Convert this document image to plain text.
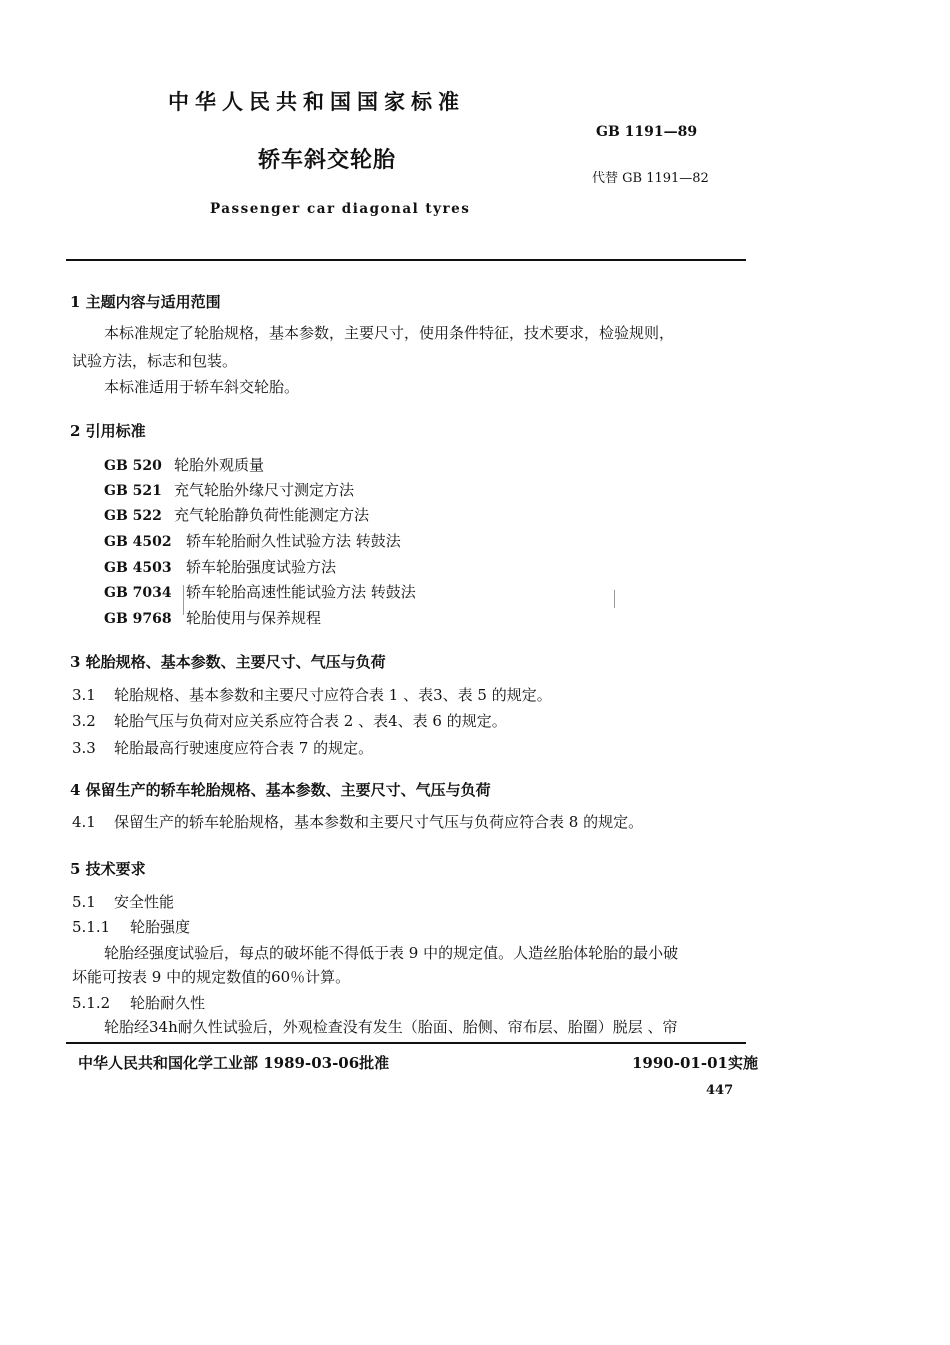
中华人民共和国国家标准
GB 1191—89
轿车斜交轮胎
代替 GB 1191—82
Passenger car diagonal tyres
1 主题内容与适用范围
本标准规定了轮胎规格，基本参数，主要尺寸，使用条件特征，技术要求，检验规则，
试验方法，标志和包装。
本标准适用于轿车斜交轮胎。
2 引用标准
GB 520 轮胎外观质量
GB 521 充气轮胎外缘尺寸测定方法
GB 522 充气轮胎静负荷性能测定方法
GB 4502 轿车轮胎耐久性试验方法 转鼓法
GB 4503 轿车轮胎强度试验方法
GB 7034 轿车轮胎高速性能试验方法 转鼓法
GB 9768 轮胎使用与保养规程
3 轮胎规格、基本参数、主要尺寸、气压与负荷
3.1 轮胎规格、基本参数和主要尺寸应符合表 1 、表3、表 5 的规定。
3.2 轮胎气压与负荷对应关系应符合表 2 、表4、表 6 的规定。
3.3 轮胎最高行驶速度应符合表 7 的规定。
4 保留生产的轿车轮胎规格、基本参数、主要尺寸、气压与负荷
4.1 保留生产的轿车轮胎规格，基本参数和主要尺寸气压与负荷应符合表 8 的规定。
5 技术要求
5.1 安全性能
5.1.1 轮胎强度
轮胎经强度试验后，每点的破坏能不得低于表 9 中的规定值。人造丝胎体轮胎的最小破
坏能可按表 9 中的规定数值的60％计算。
5.1.2 轮胎耐久性
轮胎经34h耐久性试验后，外观检查没有发生（胎面、胎侧、帘布层、胎圈）脱层 、帘
中华人民共和国化学工业部 1989-03-06批准	1990-01-01实施
447
